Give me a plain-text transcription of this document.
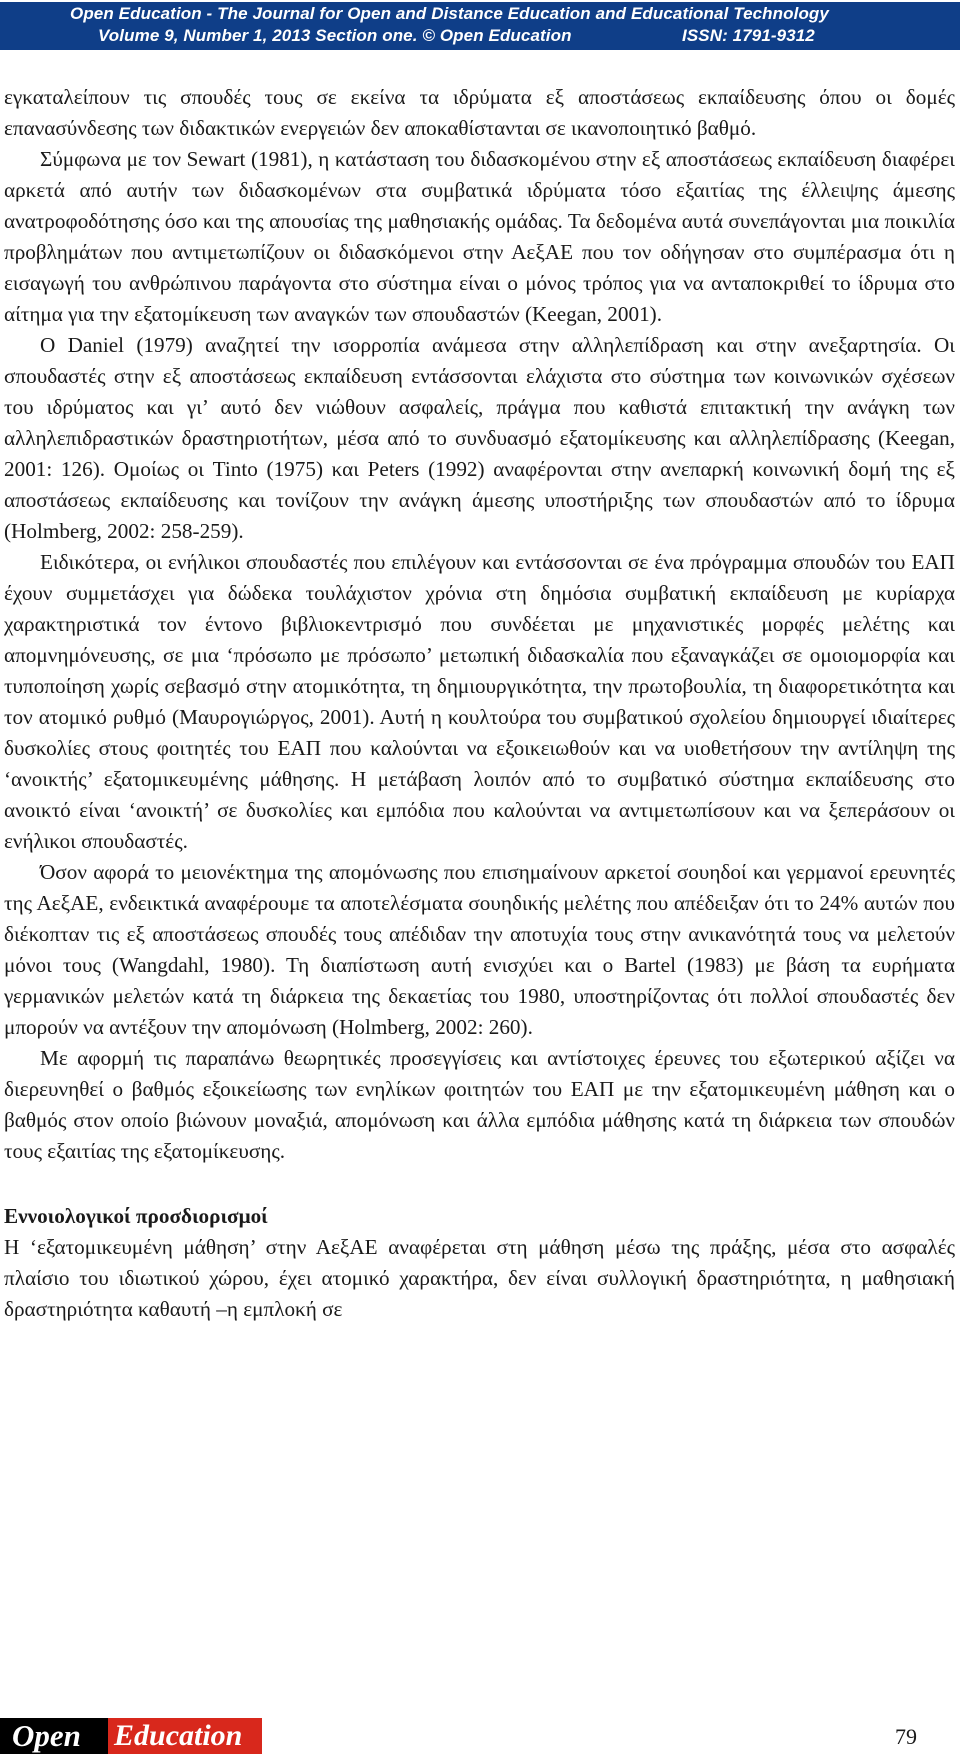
Open Education - The Journal for Open and Distance Education and Educational Technology
Volume 9, Number 1, 2013 Section one. © Open Education	ISSN: 1791-9312

εγκαταλείπουν τις σπουδές τους σε εκείνα τα ιδρύματα εξ αποστάσεως εκπαίδευσης όπου οι δομές επανασύνδεσης των διδακτικών ενεργειών δεν αποκαθίστανται σε ικανοποιητικό βαθμό.

Σύμφωνα με τον Sewart (1981), η κατάσταση του διδασκομένου στην εξ αποστάσεως εκπαίδευση διαφέρει αρκετά από αυτήν των διδασκομένων στα συμβατικά ιδρύματα τόσο εξαιτίας της έλλειψης άμεσης ανατροφοδότησης όσο και της απουσίας της μαθησιακής ομάδας. Τα δεδομένα αυτά συνεπάγονται μια ποικιλία προβλημάτων που αντιμετωπίζουν οι διδασκόμενοι στην ΑεξΑΕ που τον οδήγησαν στο συμπέρασμα ότι η εισαγωγή του ανθρώπινου παράγοντα στο σύστημα είναι ο μόνος τρόπος για να ανταποκριθεί το ίδρυμα στο αίτημα για την εξατομίκευση των αναγκών των σπουδαστών (Keegan, 2001).

Ο Daniel (1979) αναζητεί την ισορροπία ανάμεσα στην αλληλεπίδραση και στην ανεξαρτησία. Οι σπουδαστές στην εξ αποστάσεως εκπαίδευση εντάσσονται ελάχιστα στο σύστημα των κοινωνικών σχέσεων του ιδρύματος και γι’ αυτό δεν νιώθουν ασφαλείς, πράγμα που καθιστά επιτακτική την ανάγκη των αλληλεπιδραστικών δραστηριοτήτων, μέσα από το συνδυασμό εξατομίκευσης και αλληλεπίδρασης (Keegan, 2001: 126). Ομοίως οι Tinto (1975) και Peters (1992) αναφέρονται στην ανεπαρκή κοινωνική δομή της εξ αποστάσεως εκπαίδευσης και τονίζουν την ανάγκη άμεσης υποστήριξης των σπουδαστών από το ίδρυμα (Holmberg, 2002: 258-259).

Ειδικότερα, οι ενήλικοι σπουδαστές που επιλέγουν και εντάσσονται σε ένα πρόγραμμα σπουδών του ΕΑΠ έχουν συμμετάσχει για δώδεκα τουλάχιστον χρόνια στη δημόσια συμβατική εκπαίδευση με κυρίαρχα χαρακτηριστικά τον έντονο βιβλιοκεντρισμό που συνδέεται με μηχανιστικές μορφές μελέτης και απομνημόνευσης, σε μια ‘πρόσωπο με πρόσωπο’ μετωπική διδασκαλία που εξαναγκάζει σε ομοιομορφία και τυποποίηση χωρίς σεβασμό στην ατομικότητα, τη δημιουργικότητα, την πρωτοβουλία, τη διαφορετικότητα και τον ατομικό ρυθμό (Μαυρογιώργος, 2001). Αυτή η κουλτούρα του συμβατικού σχολείου δημιουργεί ιδιαίτερες δυσκολίες στους φοιτητές του ΕΑΠ που καλούνται να εξοικειωθούν και να υιοθετήσουν την αντίληψη της ‘ανοικτής’ εξατομικευμένης μάθησης. Η μετάβαση λοιπόν από το συμβατικό σύστημα εκπαίδευσης στο ανοικτό είναι ‘ανοικτή’ σε δυσκολίες και εμπόδια που καλούνται να αντιμετωπίσουν και να ξεπεράσουν οι ενήλικοι σπουδαστές.

Όσον αφορά το μειονέκτημα της απομόνωσης που επισημαίνουν αρκετοί σουηδοί και γερμανοί ερευνητές της ΑεξΑΕ, ενδεικτικά αναφέρουμε τα αποτελέσματα σουηδικής μελέτης που απέδειξαν ότι το 24% αυτών που διέκοπταν τις εξ αποστάσεως σπουδές τους απέδιδαν την αποτυχία τους στην ανικανότητά τους να μελετούν μόνοι τους (Wangdahl, 1980). Τη διαπίστωση αυτή ενισχύει και ο Bartel (1983) με βάση τα ευρήματα γερμανικών μελετών κατά τη διάρκεια της δεκαετίας του 1980, υποστηρίζοντας ότι πολλοί σπουδαστές δεν μπορούν να αντέξουν την απομόνωση (Holmberg, 2002: 260).

Με αφορμή τις παραπάνω θεωρητικές προσεγγίσεις και αντίστοιχες έρευνες του εξωτερικού αξίζει να διερευνηθεί ο βαθμός εξοικείωσης των ενηλίκων φοιτητών του ΕΑΠ με την εξατομικευμένη μάθηση και ο βαθμός στον οποίο βιώνουν μοναξιά, απομόνωση και άλλα εμπόδια μάθησης κατά τη διάρκεια των σπουδών τους εξαιτίας της εξατομίκευσης.

Εννοιολογικοί προσδιορισμοί

Η ‘εξατομικευμένη μάθηση’ στην ΑεξΑΕ αναφέρεται στη μάθηση μέσω της πράξης, μέσα στο ασφαλές πλαίσιο του ιδιωτικού χώρου, έχει ατομικό χαρακτήρα, δεν είναι συλλογική δραστηριότητα, η μαθησιακή δραστηριότητα καθαυτή –η εμπλοκή σε

Open	Education	79
